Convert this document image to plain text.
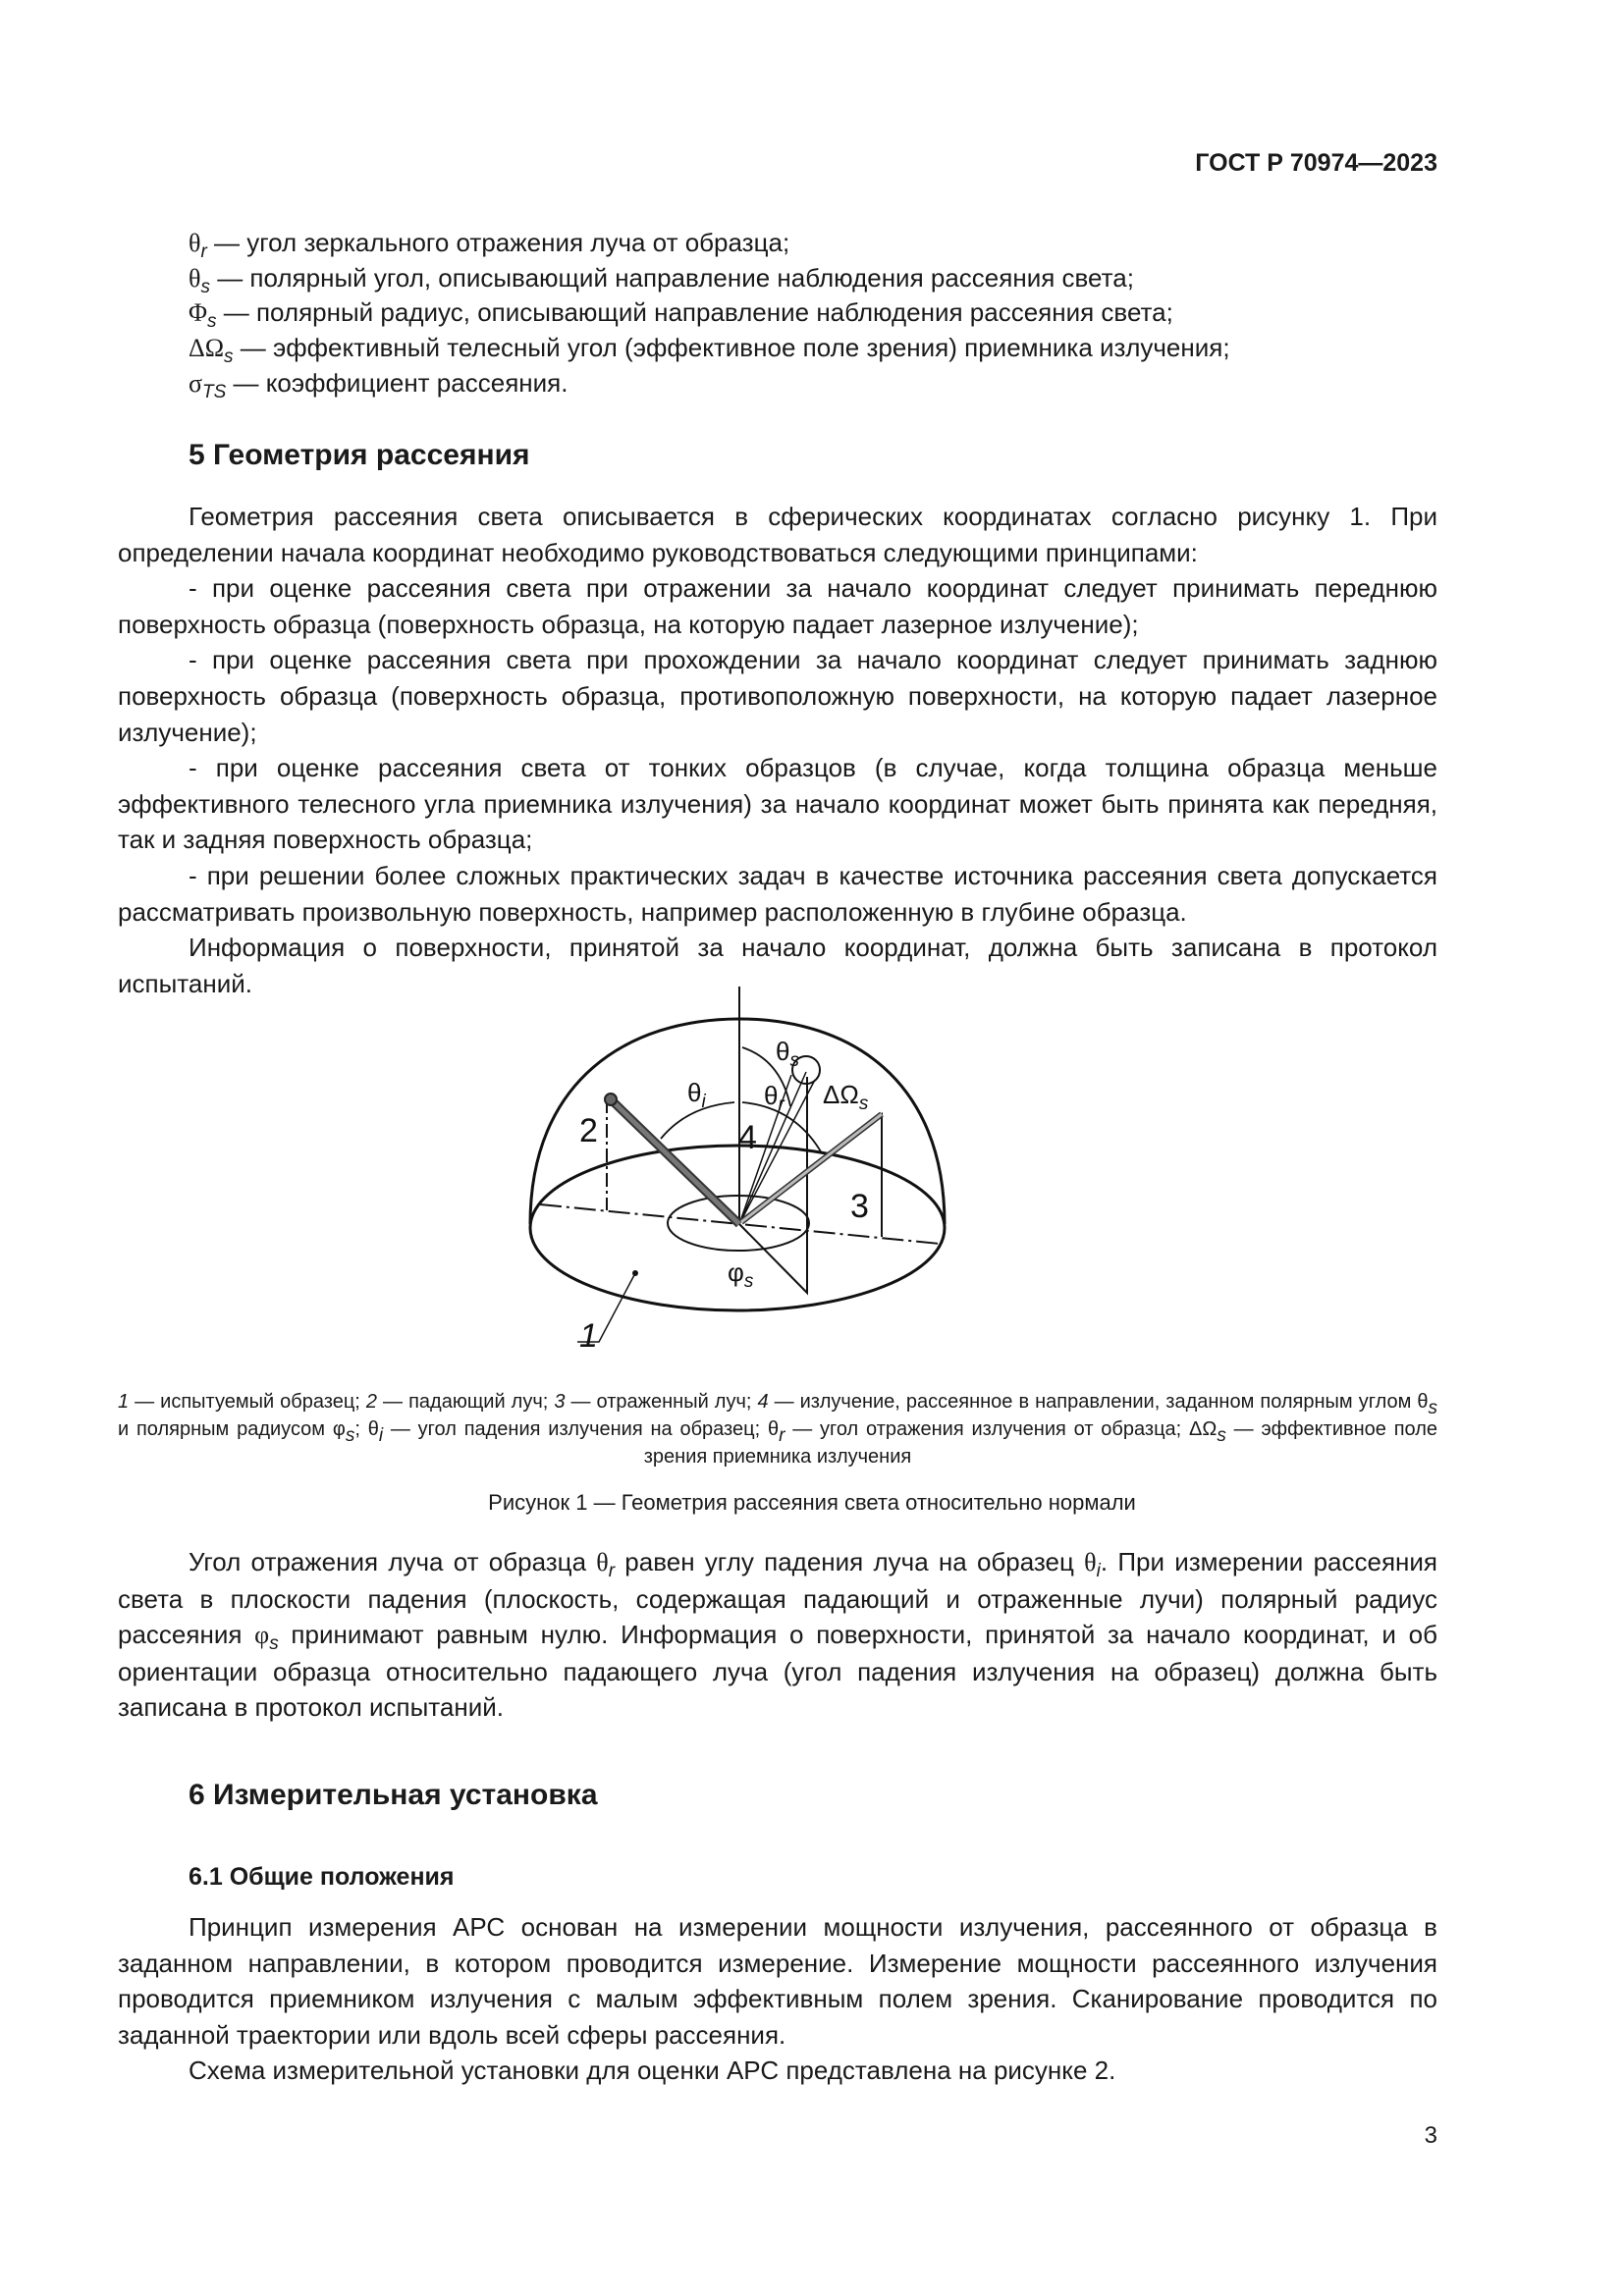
ГОСТ Р 70974—2023
$\theta_r$ — угол зеркального отражения луча от образца;
$\theta_s$ — полярный угол, описывающий направление наблюдения рассеяния света;
$\Phi_s$ — полярный радиус, описывающий направление наблюдения рассеяния света;
$\Delta\Omega_s$ — эффективный телесный угол (эффективное поле зрения) приемника излучения;
$\sigma_{TS}$ — коэффициент рассеяния.
5 Геометрия рассеяния

Геометрия рассеяния света описывается в сферических координатах согласно рисунку 1. При определении начала координат необходимо руководствоваться следующими принципами:

- при оценке рассеяния света при отражении за начало координат следует принимать переднюю поверхность образца (поверхность образца, на которую падает лазерное излучение);

- при оценке рассеяния света при прохождении за начало координат следует принимать заднюю поверхность образца (поверхность образца, противоположную поверхности, на которую падает лазерное излучение);

- при оценке рассеяния света от тонких образцов (в случае, когда толщина образца меньше эффективного телесного угла приемника излучения) за начало координат может быть принята как передняя, так и задняя поверхность образца;

- при решении более сложных практических задач в качестве источника рассеяния света допускается рассматривать произвольную поверхность, например расположенную в глубине образца.

Информация о поверхности, принятой за начало координат, должна быть записана в протокол испытаний.

2	4
3
1
$\theta_i$ $\theta_r$
$\theta_s$
$\Delta\Omega_s$
$\varphi_s$
1 — испытуемый образец; 2 — падающий луч; 3 — отраженный луч; 4 — излучение, рассеянное в направлении, заданном полярным углом $\theta_s$ и полярным радиусом $\varphi_s$; $\theta_i$ — угол падения излучения на образец; $\theta_r$ — угол отражения излучения от образца; $\Delta\Omega_s$ — эффективное поле зрения приемника излучения
Рисунок 1 — Геометрия рассеяния света относительно нормали

Угол отражения луча от образца $\theta_r$ равен углу падения луча на образец $\theta_i$. При измерении рассеяния света в плоскости падения (плоскость, содержащая падающий и отраженные лучи) полярный радиус рассеяния $\varphi_s$ принимают равным нулю. Информация о поверхности, принятой за начало координат, и об ориентации образца относительно падающего луча (угол падения излучения на образец) должна быть записана в протокол испытаний.

6 Измерительная установка
6.1 Общие положения

Принцип измерения АРС основан на измерении мощности излучения, рассеянного от образца в заданном направлении, в котором проводится измерение. Измерение мощности рассеянного излучения проводится приемником излучения с малым эффективным полем зрения. Сканирование проводится по заданной траектории или вдоль всей сферы рассеяния.

Схема измерительной установки для оценки АРС представлена на рисунке 2.

3
